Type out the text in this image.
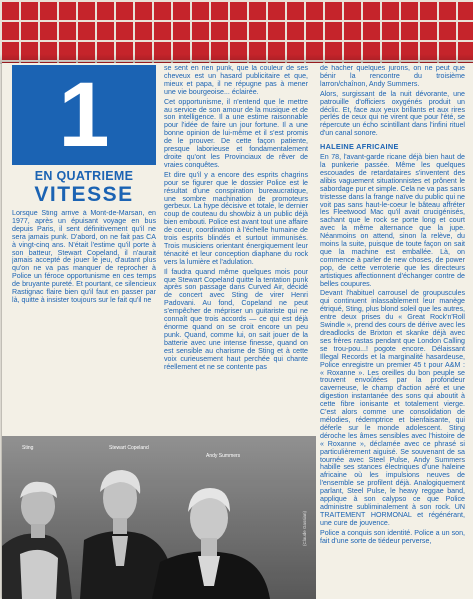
1
EN QUATRIEME
VITESSE

Lorsque Sting arrive à Mont-de-Marsan, en 1977, après un épuisant voyage en bus depuis Paris, il sent définitivement qu'il ne sera jamais punk. D'abord, on ne fait pas CA à vingt-cinq ans. N'était l'estime qu'il porte à son batteur, Stewart Copeland, il n'aurait jamais accepté de jouer le jeu, d'autant plus qu'on ne va pas manquer de reprocher à Police un féroce opportunisme en ces temps de bruyante pureté. Et pourtant, ce silencieux Rastignac flaire bien qu'il faut en passer par là, quitte à insister toujours sur le fait qu'il ne

se sent en rien punk, que la couleur de ses cheveux est un hasard publicitaire et que, mieux et papa, il ne répugne pas à mener une vie bourgeoise... éclairée.

Cet opportunisme, il n'entend que le mettre au service de son amour de la musique et de son intelligence. Il a une estime raisonnable pour l'idée de faire un jour fortune. Il a une bonne opinion de lui-même et il s'est promis de le prouver. De cette façon patiente, presque laborieuse et fondamentalement droite qu'ont les Provinciaux de rêver de vraies conquêtes.

Et dire qu'il y a encore des esprits chagrins pour se figurer que le dossier Police est le résultat d'une conspiration bureaucratique, une sombre machination de promoteurs gerbeux. La hype décisive et totale, le dernier coup de couteau du showbiz à un public déjà bien embouti. Police est avant tout une affaire de coeur, coordination à l'échelle humaine de trois esprits blindés et surtout immunisés. Trois musiciens orientant énergiquement leur ténacité et leur conception diaphane du rock vers la lumière et l'adulation.

Il faudra quand même quelques mois pour que Stewart Copeland quitte la tentation punk après son passage dans Curved Air, décidé de concert avec Sting de virer Henri Padovani. Au fond, Copeland ne peut s'empêcher de mépriser un guitariste qui ne connaît que trois accords — ce qui est déjà énorme quand on se croit encore un peu punk. Quand, comme lui, on sait jouer de la batterie avec une intense finesse, quand on est sensible au charisme de Sting et à cette voix curieusement haut perchée qui chante réellement et ne se contente pas

de hacher quelques jurons, on ne peut que bénir la rencontre du troisième larron/chaînon, Andy Summers.

Alors, surgissant de la nuit dévorante, une patrouille d'officiers oxygénés produit un déclic. Et, face aux yeux brillants et aux rires perlés de ceux qui ne virent que pour l'été, se répercute un écho scintillant dans l'infini rituel d'un canal sonore.

HALEINE AFRICAINE

En 78, l'avant-garde ricane déjà bien haut de la punkerie passée. Même les quelques escouades de retardataires s'inventent des alibis vaguement situationnistes et prônent le sabordage pur et simple. Cela ne va pas sans tristesse dans la frange naïve du public qui ne voit pas sans haut-le-coeur le bâteau affréter les Fleetwood Mac qu'il avait crucigénisés, sachant que le rock se porte long et court avec la même alternance que la jupe. Néanmoins on attend, sinon la relève, du moins la suite, puisque de toute façon on sait que la machine est emballée. Là, on commence à parler de new choses, de power pop, de cette verroterie que les directeurs artistiques affectionnent d'échanger contre de belles coupures.

Devant l'habituel carrousel de groupuscules qui continuent inlassablement leur manège étriqué, Sting, plus blond soleil que les autres, entre deux prises du « Great Rock'n'Roll Swindle », prend des cours de dérive avec les dreadlocks de Brixton et skanke déjà avec ses frères rastas pendant que London Calling se trou-pou...! pogote encore. Délaissant Illegal Records et la marginalité hasardeuse, Police enregistre un premier 45 t pour A&M : « Roxanne ». Les oreilles du bon peuple se trouvent envoûtées par la profondeur caverneuse, le champ d'action aéré et une digestion instantanée des sons qui aboutit à cette fibre ionisante et totalement vierge. C'est alors comme une consolidation de mélodies, rédemptrice et bienfaisante, qui déferle sur le monde adolescent. Sting déroche les âmes sensibles avec l'histoire de « Roxanne », déclamée avec ce phrasé si particulièrement aiguisé. Se souvenant de sa tournée avec Steel Pulse, Andy Summers habille ses stances électriques d'une haleine africaine où les impulsions neuves de l'ensemble se profilent déjà. Analogiquement parlant, Steel Pulse, le heavy reggae band, applique à son calypso ce que Police administre subliminalement à son rock. UN TRAITEMENT HORMONAL et régénérant, une cure de jouvence.

Police a conquis son identité. Police a un son, fait d'une sorte de tiédeur perverse,

Sting	Stewart Copeland
Andy Summers
(Claude Gassian)
